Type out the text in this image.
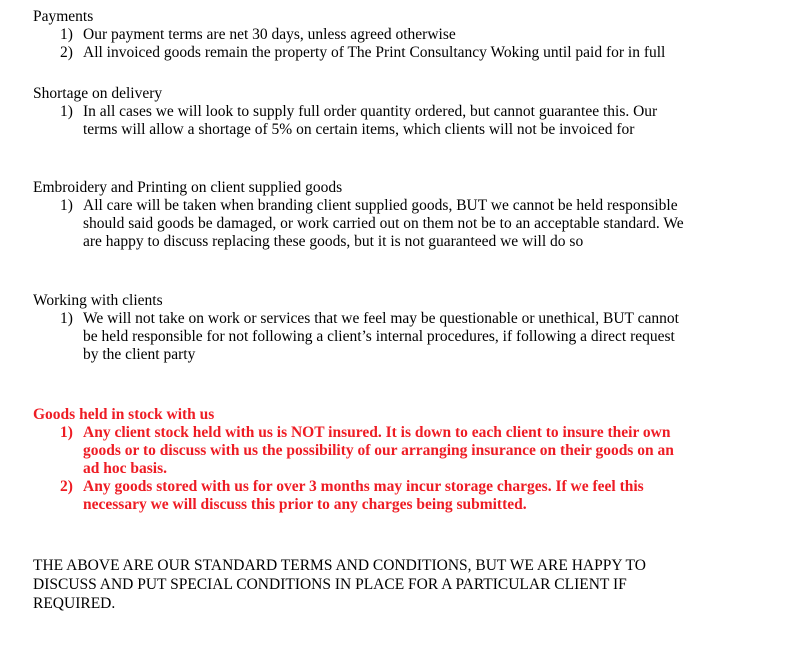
Payments
1) Our payment terms are net 30 days, unless agreed otherwise
2) All invoiced goods remain the property of The Print Consultancy Woking until paid for in full
Shortage on delivery
1) In all cases we will look to supply full order quantity ordered, but cannot guarantee this. Our
terms will allow a shortage of 5% on certain items, which clients will not be invoiced for
Embroidery and Printing on client supplied goods
1) All care will be taken when branding client supplied goods, BUT we cannot be held responsible
should said goods be damaged, or work carried out on them not be to an acceptable standard. We
are happy to discuss replacing these goods, but it is not guaranteed we will do so
Working with clients
1) We will not take on work or services that we feel may be questionable or unethical, BUT cannot
be held responsible for not following a client’s internal procedures, if following a direct request
by the client party
Goods held in stock with us
1) Any client stock held with us is NOT insured. It is down to each client to insure their own
goods or to discuss with us the possibility of our arranging insurance on their goods on an
ad hoc basis.
2) Any goods stored with us for over 3 months may incur storage charges. If we feel this
necessary we will discuss this prior to any charges being submitted.
THE ABOVE ARE OUR STANDARD TERMS AND CONDITIONS, BUT WE ARE HAPPY TO
DISCUSS AND PUT SPECIAL CONDITIONS IN PLACE FOR A PARTICULAR CLIENT IF
REQUIRED.
